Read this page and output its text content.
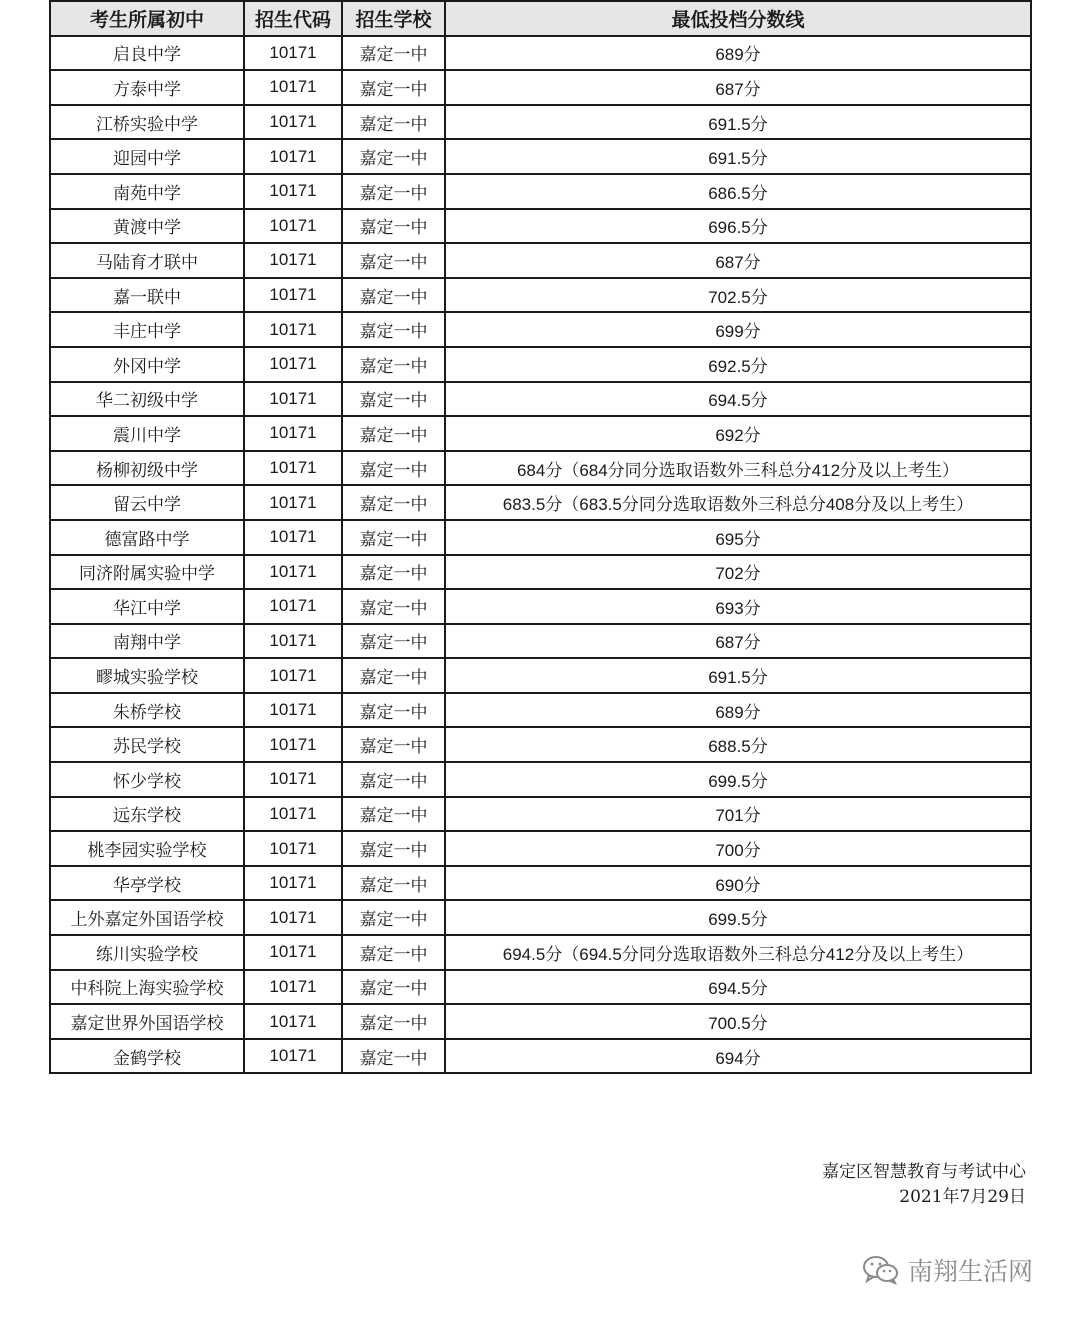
考生所属初中	招生代码	招生学校	最低投档分数线
启良中学	10171	嘉定一中	689分
方泰中学	10171	嘉定一中	687分
江桥实验中学	10171	嘉定一中	691.5分
迎园中学	10171	嘉定一中	691.5分
南苑中学	10171	嘉定一中	686.5分
黄渡中学	10171	嘉定一中	696.5分
马陆育才联中	10171	嘉定一中	687分
嘉一联中	10171	嘉定一中	702.5分
丰庄中学	10171	嘉定一中	699分
外冈中学	10171	嘉定一中	692.5分
华二初级中学	10171	嘉定一中	694.5分
震川中学	10171	嘉定一中	692分
杨柳初级中学	10171	嘉定一中	684分（684分同分选取语数外三科总分412分及以上考生）
留云中学	10171	嘉定一中	683.5分（683.5分同分选取语数外三科总分408分及以上考生）
德富路中学	10171	嘉定一中	695分
同济附属实验中学	10171	嘉定一中	702分
华江中学	10171	嘉定一中	693分
南翔中学	10171	嘉定一中	687分
疁城实验学校	10171	嘉定一中	691.5分
朱桥学校	10171	嘉定一中	689分
苏民学校	10171	嘉定一中	688.5分
怀少学校	10171	嘉定一中	699.5分
远东学校	10171	嘉定一中	701分
桃李园实验学校	10171	嘉定一中	700分
华亭学校	10171	嘉定一中	690分
上外嘉定外国语学校	10171	嘉定一中	699.5分
练川实验学校	10171	嘉定一中	694.5分（694.5分同分选取语数外三科总分412分及以上考生）
中科院上海实验学校	10171	嘉定一中	694.5分
嘉定世界外国语学校	10171	嘉定一中	700.5分
金鹤学校	10171	嘉定一中	694分
嘉定区智慧教育与考试中心
2021年7月29日
南翔生活网
